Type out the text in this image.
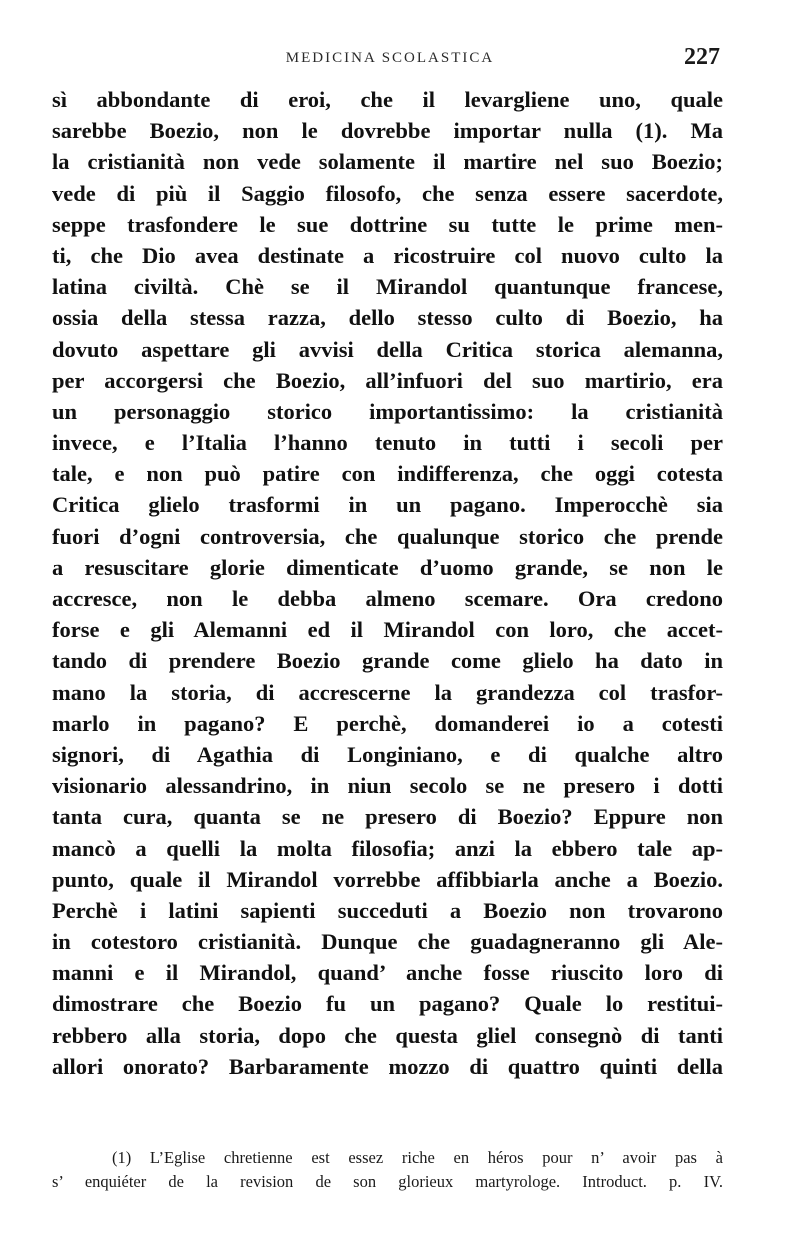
MEDICINA SCOLASTICA	227
sì abbondante di eroi, che il levargliene uno, quale
sarebbe Boezio, non le dovrebbe importar nulla (1). Ma
la cristianità non vede solamente il martire nel suo Boezio;
vede di più il Saggio filosofo, che senza essere sacerdote,
seppe trasfondere le sue dottrine su tutte le prime men-
ti, che Dio avea destinate a ricostruire col nuovo culto la
latina civiltà. Chè se il Mirandol quantunque francese,
ossia della stessa razza, dello stesso culto di Boezio, ha
dovuto aspettare gli avvisi della Critica storica alemanna,
per accorgersi che Boezio, all’infuori del suo martirio, era
un personaggio storico importantissimo: la cristianità
invece, e l’Italia l’hanno tenuto in tutti i secoli per
tale, e non può patire con indifferenza, che oggi cotesta
Critica glielo trasformi in un pagano. Imperocchè sia
fuori d’ogni controversia, che qualunque storico che prende
a resuscitare glorie dimenticate d’uomo grande, se non le
accresce, non le debba almeno scemare. Ora credono
forse e gli Alemanni ed il Mirandol con loro, che accet-
tando di prendere Boezio grande come glielo ha dato in
mano la storia, di accrescerne la grandezza col trasfor-
marlo in pagano? E perchè, domanderei io a cotesti
signori, di Agathia di Longiniano, e di qualche altro
visionario alessandrino, in niun secolo se ne presero i dotti
tanta cura, quanta se ne presero di Boezio? Eppure non
mancò a quelli la molta filosofia; anzi la ebbero tale ap-
punto, quale il Mirandol vorrebbe affibbiarla anche a Boezio.
Perchè i latini sapienti succeduti a Boezio non trovarono
in cotestoro cristianità. Dunque che guadagneranno gli Ale-
manni e il Mirandol, quand’ anche fosse riuscito loro di
dimostrare che Boezio fu un pagano? Quale lo restitui-
rebbero alla storia, dopo che questa gliel consegnò di tanti
allori onorato? Barbaramente mozzo di quattro quinti della
(1) L’Eglise chretienne est essez riche en héros pour n’ avoir pas à
s’ enquiéter de la revision de son glorieux martyrologe. Introduct. p. IV.
